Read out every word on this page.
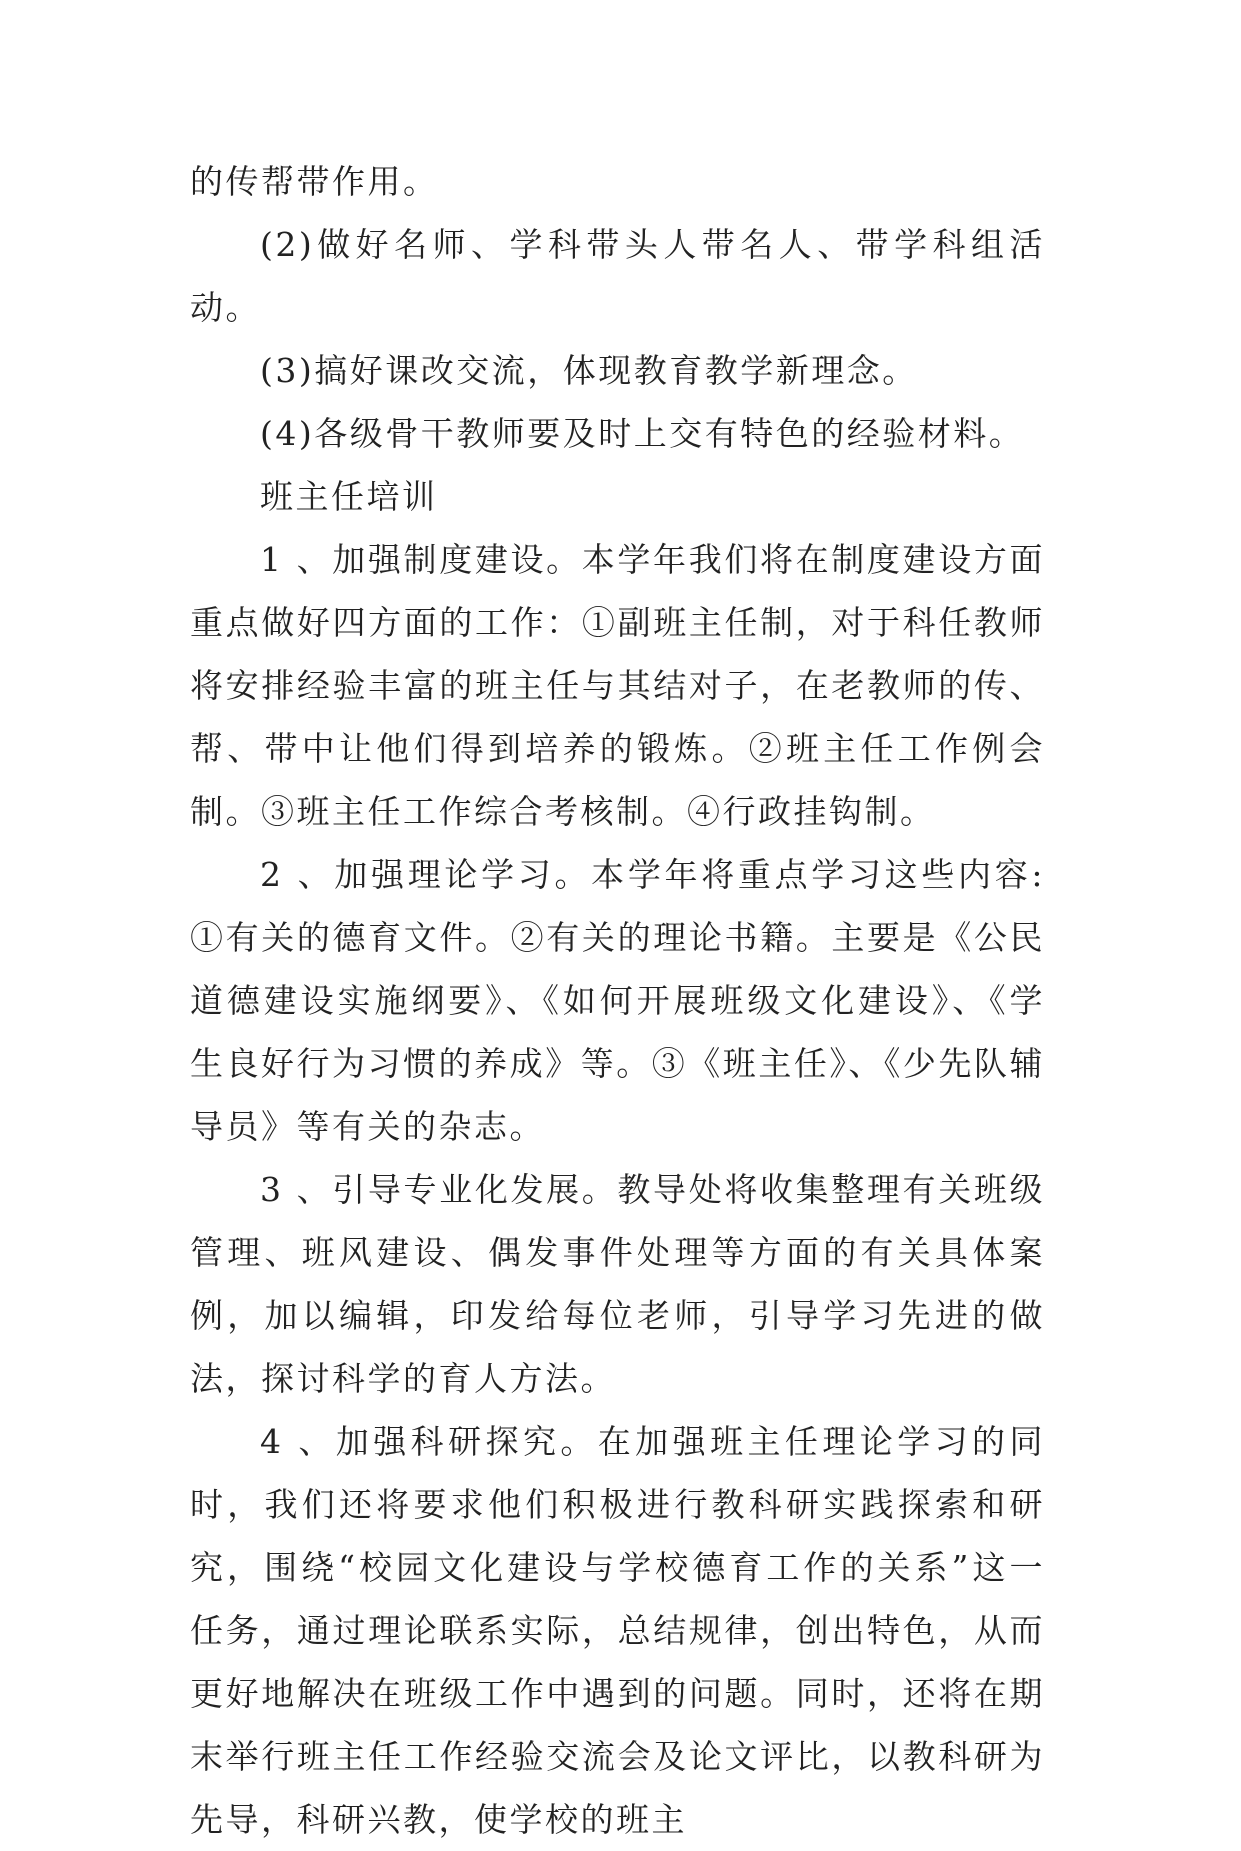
的传帮带作用。

(2)做好名师、学科带头人带名人、带学科组活动。

(3)搞好课改交流，体现教育教学新理念。

(4)各级骨干教师要及时上交有特色的经验材料。

班主任培训

1 、加强制度建设。本学年我们将在制度建设方面重点做好四方面的工作：①副班主任制，对于科任教师将安排经验丰富的班主任与其结对子，在老教师的传、帮、带中让他们得到培养的锻炼。②班主任工作例会制。③班主任工作综合考核制。④行政挂钩制。

2 、加强理论学习。本学年将重点学习这些内容: ①有关的德育文件。②有关的理论书籍。主要是《公民道德建设实施纲要》、《如何开展班级文化建设》、《学生良好行为习惯的养成》等。③《班主任》、《少先队辅导员》等有关的杂志。

3 、引导专业化发展。教导处将收集整理有关班级管理、班风建设、偶发事件处理等方面的有关具体案例，加以编辑，印发给每位老师，引导学习先进的做法，探讨科学的育人方法。

4 、加强科研探究。在加强班主任理论学习的同时，我们还将要求他们积极进行教科研实践探索和研究，围绕“校园文化建设与学校德育工作的关系”这一任务，通过理论联系实际，总结规律，创出特色，从而更好地解决在班级工作中遇到的问题。同时，还将在期末举行班主任工作经验交流会及论文评比，以教科研为先导，科研兴教，使学校的班主
